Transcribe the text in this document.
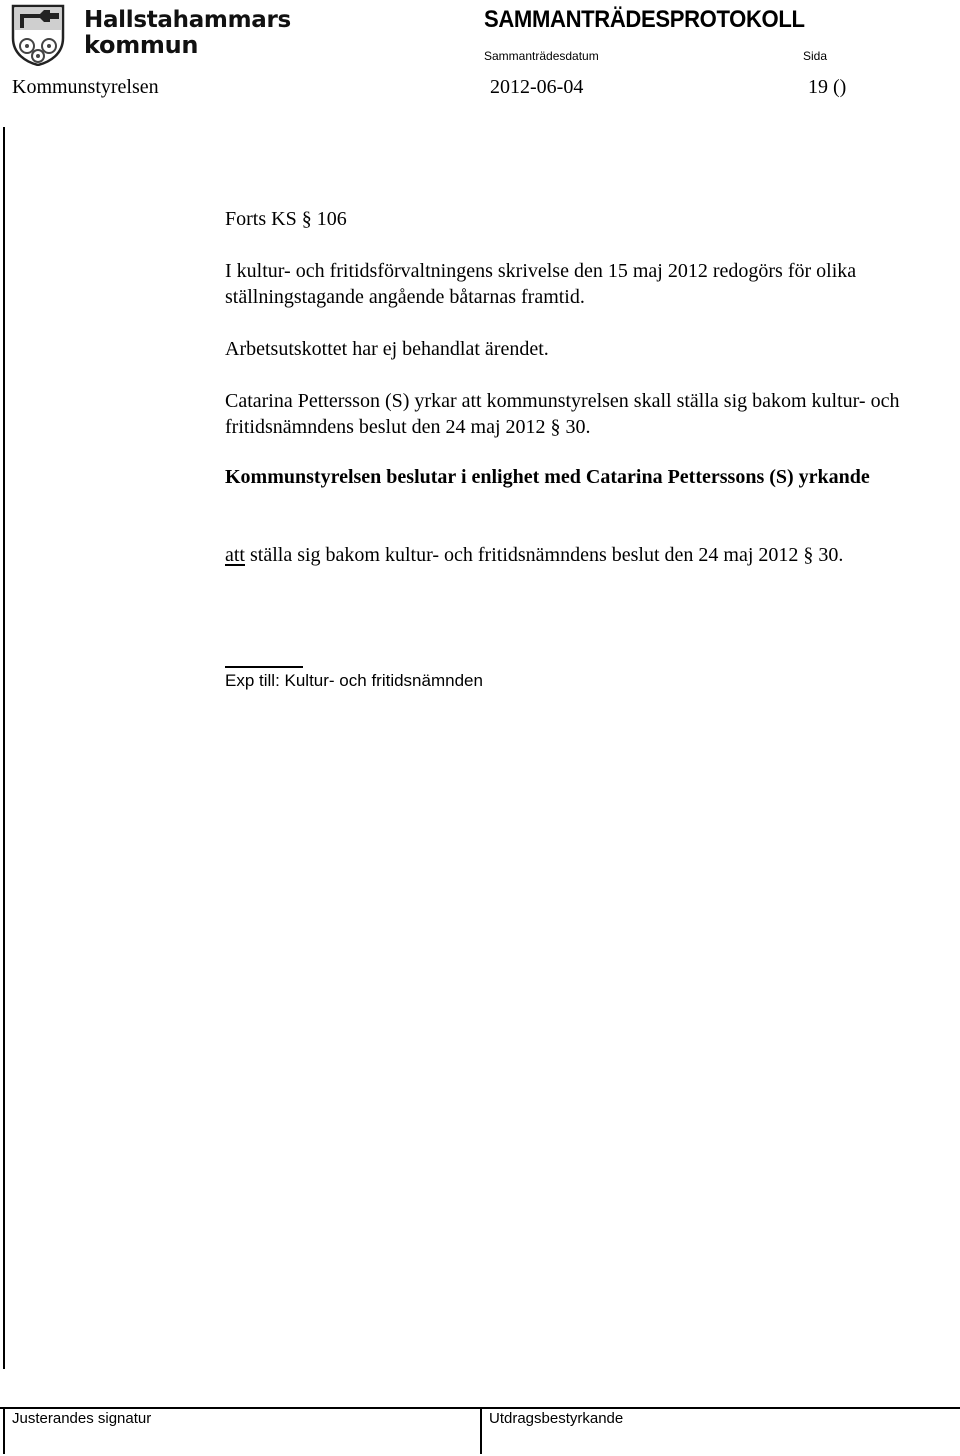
Hallstahammars
kommun
SAMMANTRÄDESPROTOKOLL
Sammanträdesdatum	Sida
Kommunstyrelsen	2012-06-04	19 ()
Forts KS § 106
I kultur- och fritidsförvaltningens skrivelse den 15 maj 2012 redogörs för olika ställningstagande angående båtarnas framtid.
Arbetsutskottet har ej behandlat ärendet.
Catarina Pettersson (S) yrkar att kommunstyrelsen skall ställa sig bakom kultur- och fritidsnämndens beslut den 24 maj 2012 § 30.
Kommunstyrelsen beslutar i enlighet med Catarina Petterssons (S) yrkande
att ställa sig bakom kultur- och fritidsnämndens beslut den 24 maj 2012 § 30.
Exp till: Kultur- och fritidsnämnden
Justerandes signatur	Utdragsbestyrkande
